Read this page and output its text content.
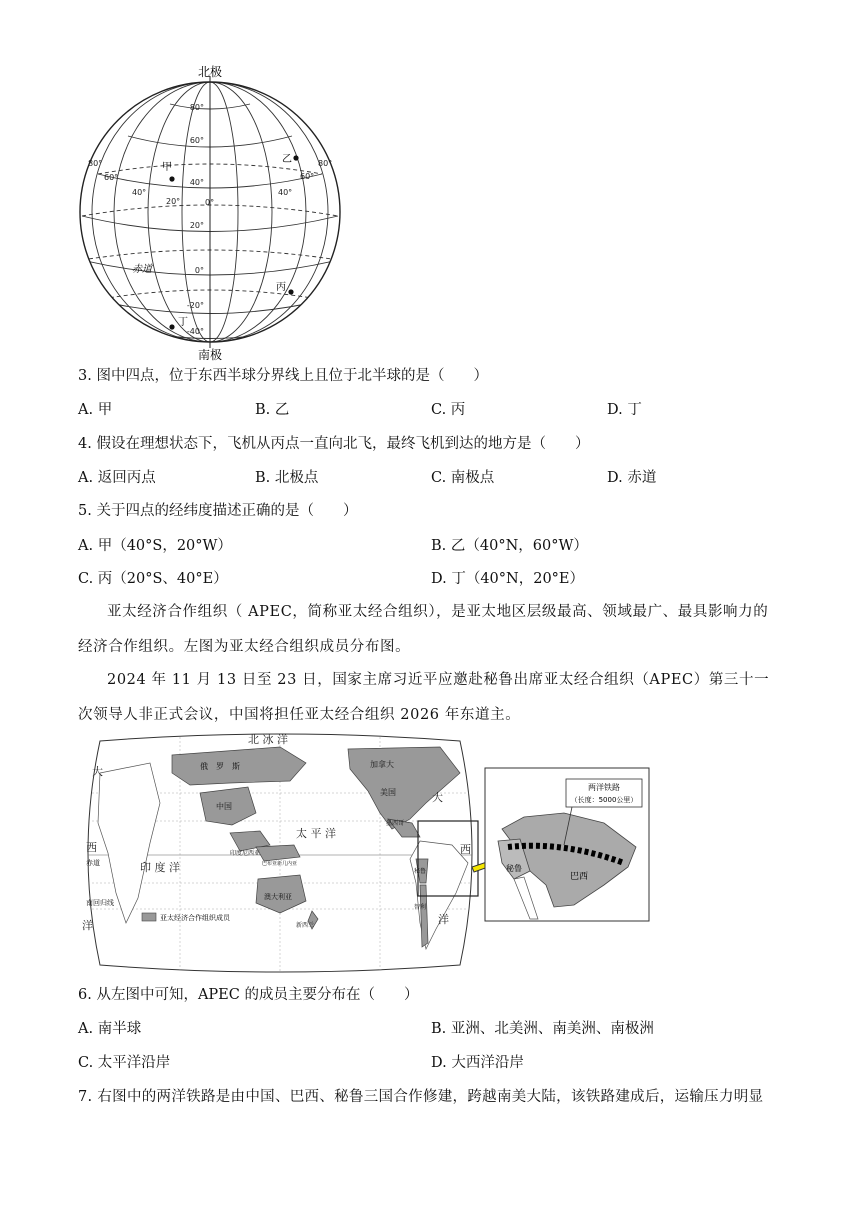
北极
南极
赤道
80°
60°
40°
20°
0°
-20°
-40°
80°
60°
40°
20°	0°
80°
60°
40°
甲
乙
丙
丁
3. 图中四点，位于东西半球分界线上且位于北半球的是（　　）
A. 甲	B. 乙	C. 丙	D. 丁
4. 假设在理想状态下，飞机从丙点一直向北飞，最终飞机到达的地方是（　　）
A. 返回丙点	B. 北极点	C. 南极点	D. 赤道
5. 关于四点的经纬度描述正确的是（　　）
A. 甲（40°S，20°W）	B. 乙（40°N，60°W）
C. 丙（20°S、40°E）	D. 丁（40°N，20°E）
亚太经济合作组织（ APEC，简称亚太经合组织），是亚太地区层级最高、领域最广、最具影响力的经济合作组织。左图为亚太经合组织成员分布图。
2024 年 11 月 13 日至 23 日，国家主席习近平应邀赴秘鲁出席亚太经合组织（APEC）第三十一次领导人非正式会议，中国将担任亚太经合组织 2026 年东道主。
北 冰 洋
大
大
西	西
洋	洋
太 平 洋
印 度 洋
俄　罗　斯	加拿大
美国
墨西哥
中国
澳大利亚
新西兰
印度尼西亚
巴布亚新几内亚
秘鲁
智利
赤道
南回归线
亚太经济合作组织成员
两洋铁路
（长度：5000公里）
秘鲁
巴西
6. 从左图中可知，APEC 的成员主要分布在（　　）
A. 南半球	B. 亚洲、北美洲、南美洲、南极洲
C. 太平洋沿岸	D. 大西洋沿岸
7. 右图中的两洋铁路是由中国、巴西、秘鲁三国合作修建，跨越南美大陆，该铁路建成后，运输压力明显
